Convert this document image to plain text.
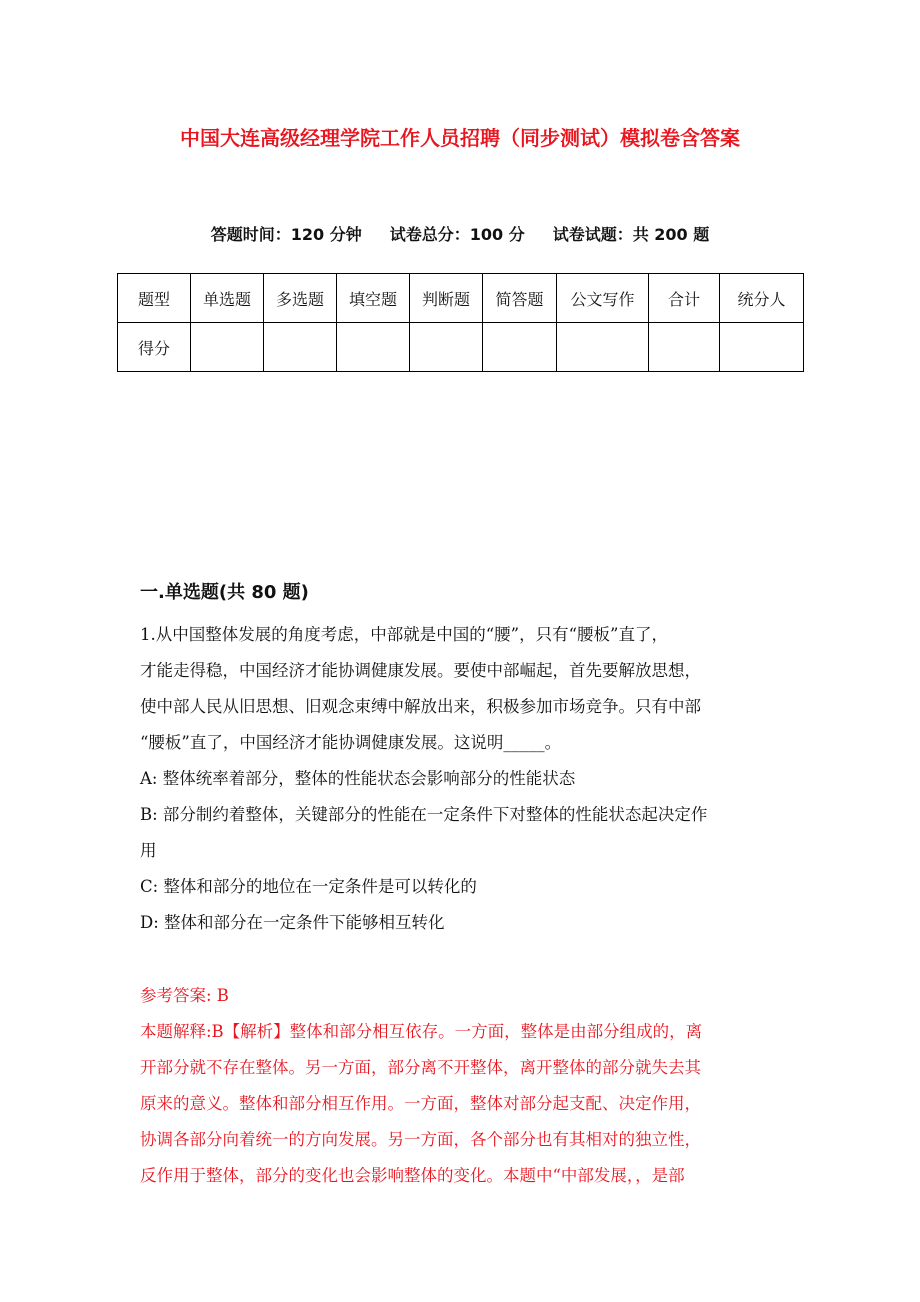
中国大连高级经理学院工作人员招聘（同步测试）模拟卷含答案
答题时间：120 分钟 试卷总分：100 分 试卷试题：共 200 题
题型	单选题	多选题	填空题	判断题	简答题	公文写作	合计	统分人
得分								
一.单选题(共 80 题)
1.从中国整体发展的角度考虑，中部就是中国的“腰”，只有“腰板”直了，
才能走得稳，中国经济才能协调健康发展。要使中部崛起，首先要解放思想，
使中部人民从旧思想、旧观念束缚中解放出来，积极参加市场竞争。只有中部
“腰板”直了，中国经济才能协调健康发展。这说明_____。
A: 整体统率着部分，整体的性能状态会影响部分的性能状态
B: 部分制约着整体，关键部分的性能在一定条件下对整体的性能状态起决定作
用
C: 整体和部分的地位在一定条件是可以转化的
D: 整体和部分在一定条件下能够相互转化
参考答案: B
本题解释:B【解析】整体和部分相互依存。一方面，整体是由部分组成的，离
开部分就不存在整体。另一方面，部分离不开整体，离开整体的部分就失去其
原来的意义。整体和部分相互作用。一方面，整体对部分起支配、决定作用，
协调各部分向着统一的方向发展。另一方面，各个部分也有其相对的独立性，
反作用于整体，部分的变化也会影响整体的变化。本题中“中部发展，，是部
